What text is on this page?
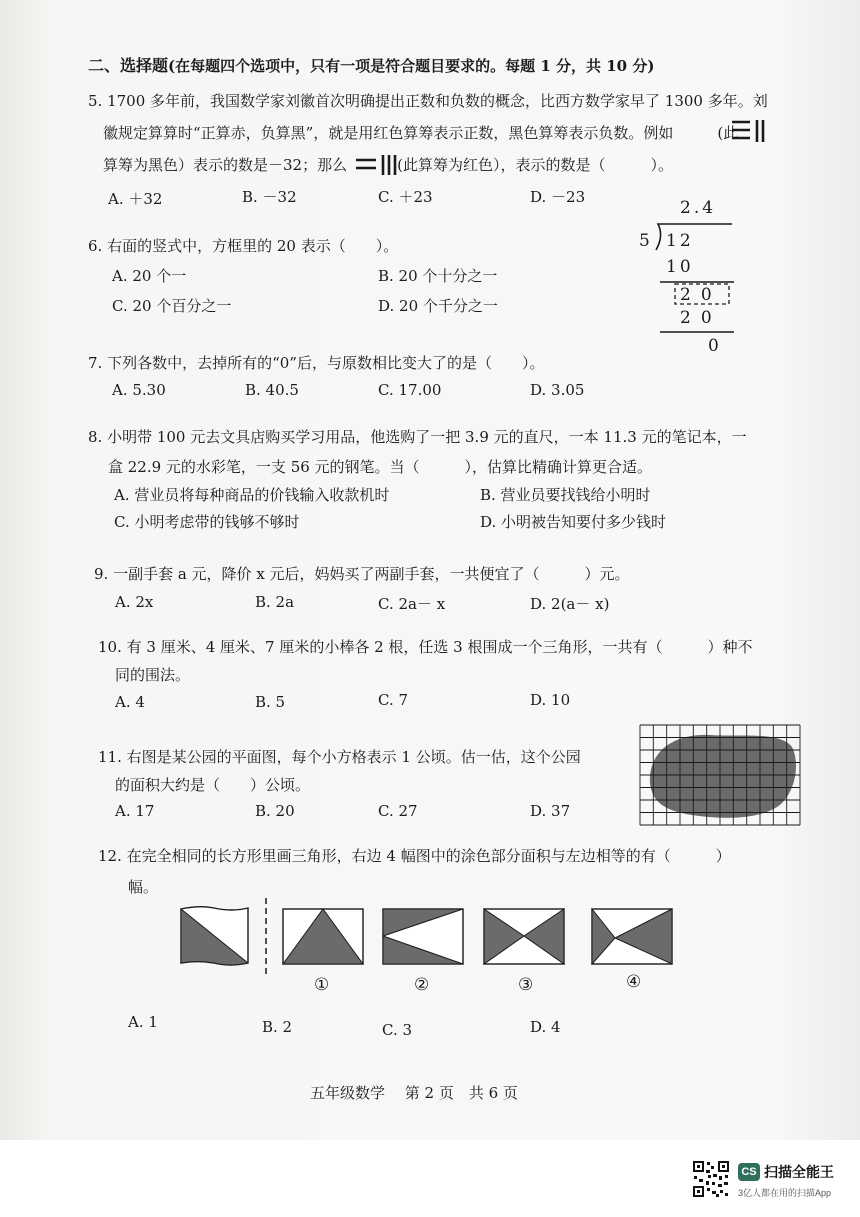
二、选择题(在每题四个选项中，只有一项是符合题目要求的。每题 1 分，共 10 分)
5. 1700 多年前，我国数学家刘徽首次明确提出正数和负数的概念，比西方数学家早了 1300 多年。刘
徽规定算算时“正算赤，负算黑”，就是用红色算筹表示正数，黑色算筹表示负数。例如	(此
算筹为黑色）表示的数是－32；那么	(此算筹为红色），表示的数是（　　　）。
A. ＋32	B. －32	C. ＋23	D. －23
6. 右面的竖式中，方框里的 20 表示（　　）。
A. 20 个一	B. 20 个十分之一
C. 20 个百分之一	D. 20 个千分之一
2.4
5 12
10
20
20
0
7. 下列各数中，去掉所有的“0”后，与原数相比变大了的是（　　）。
A. 5.30	B. 40.5	C. 17.00	D. 3.05
8. 小明带 100 元去文具店购买学习用品，他选购了一把 3.9 元的直尺，一本 11.3 元的笔记本，一
盒 22.9 元的水彩笔，一支 56 元的钢笔。当（　　　），估算比精确计算更合适。
A. 营业员将每种商品的价钱输入收款机时	B. 营业员要找钱给小明时
C. 小明考虑带的钱够不够时	D. 小明被告知要付多少钱时
9. 一副手套 a 元，降价 x 元后，妈妈买了两副手套，一共便宜了（　　　）元。
A. 2x	B. 2a	C. 2a－ x	D. 2(a－ x)
10. 有 3 厘米、4 厘米、7 厘米的小棒各 2 根，任选 3 根围成一个三角形，一共有（　　　）种不
同的围法。
A. 4	B. 5	C. 7	D. 10
11. 右图是某公园的平面图，每个小方格表示 1 公顷。估一估，这个公园
的面积大约是（　　）公顷。
A. 17	B. 20	C. 27	D. 37
12. 在完全相同的长方形里画三角形，右边 4 幅图中的涂色部分面积与左边相等的有（　　　）
幅。
①	②	③	④
A. 1	B. 2	C. 3	D. 4
五年级数学　 第 2 页　共 6 页
CS 扫描全能王
3亿人都在用的扫描App
